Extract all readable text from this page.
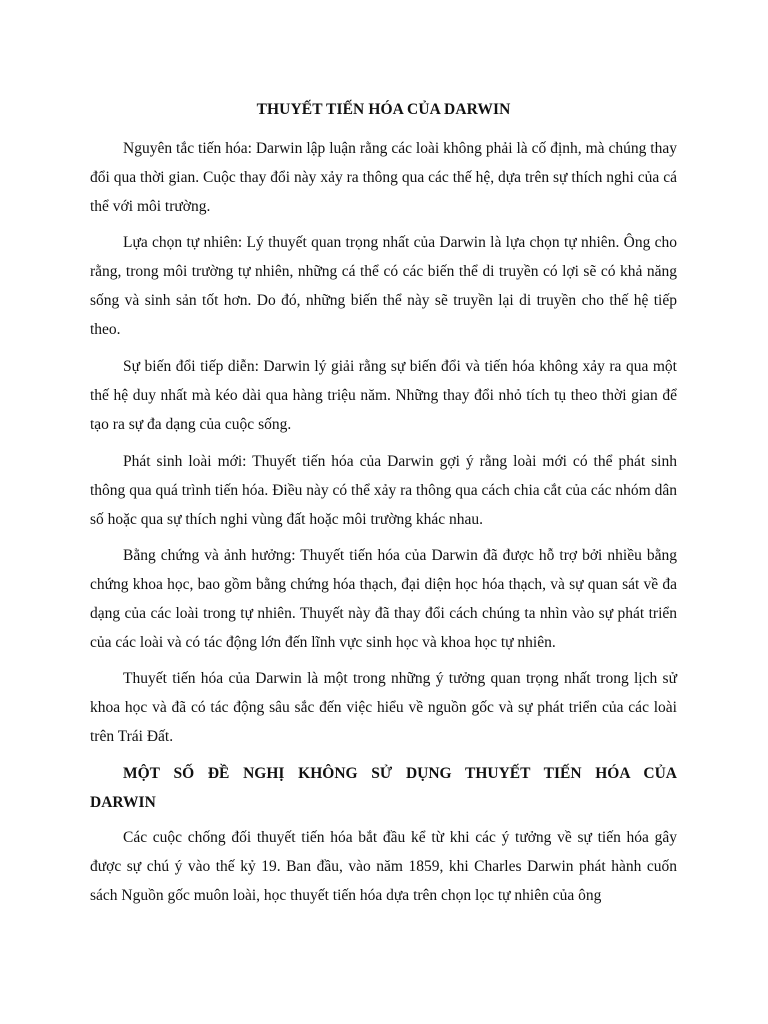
THUYẾT TIẾN HÓA CỦA DARWIN

Nguyên tắc tiến hóa: Darwin lập luận rằng các loài không phải là cố định, mà chúng thay đổi qua thời gian. Cuộc thay đổi này xảy ra thông qua các thế hệ, dựa trên sự thích nghi của cá thể với môi trường.

Lựa chọn tự nhiên: Lý thuyết quan trọng nhất của Darwin là lựa chọn tự nhiên. Ông cho rằng, trong môi trường tự nhiên, những cá thể có các biến thể di truyền có lợi sẽ có khả năng sống và sinh sản tốt hơn. Do đó, những biến thể này sẽ truyền lại di truyền cho thế hệ tiếp theo.

Sự biến đổi tiếp diễn: Darwin lý giải rằng sự biến đổi và tiến hóa không xảy ra qua một thế hệ duy nhất mà kéo dài qua hàng triệu năm. Những thay đổi nhỏ tích tụ theo thời gian để tạo ra sự đa dạng của cuộc sống.

Phát sinh loài mới: Thuyết tiến hóa của Darwin gợi ý rằng loài mới có thể phát sinh thông qua quá trình tiến hóa. Điều này có thể xảy ra thông qua cách chia cắt của các nhóm dân số hoặc qua sự thích nghi vùng đất hoặc môi trường khác nhau.

Bằng chứng và ảnh hưởng: Thuyết tiến hóa của Darwin đã được hỗ trợ bởi nhiều bằng chứng khoa học, bao gồm bằng chứng hóa thạch, đại diện học hóa thạch, và sự quan sát về đa dạng của các loài trong tự nhiên. Thuyết này đã thay đổi cách chúng ta nhìn vào sự phát triển của các loài và có tác động lớn đến lĩnh vực sinh học và khoa học tự nhiên.

Thuyết tiến hóa của Darwin là một trong những ý tưởng quan trọng nhất trong lịch sử khoa học và đã có tác động sâu sắc đến việc hiểu về nguồn gốc và sự phát triển của các loài trên Trái Đất.

MỘT SỐ ĐỀ NGHỊ KHÔNG SỬ DỤNG THUYẾT TIẾN HÓA CỦA DARWIN

Các cuộc chống đối thuyết tiến hóa bắt đầu kể từ khi các ý tưởng về sự tiến hóa gây được sự chú ý vào thế kỷ 19. Ban đầu, vào năm 1859, khi Charles Darwin phát hành cuốn sách Nguồn gốc muôn loài, học thuyết tiến hóa dựa trên chọn lọc tự nhiên của ông
